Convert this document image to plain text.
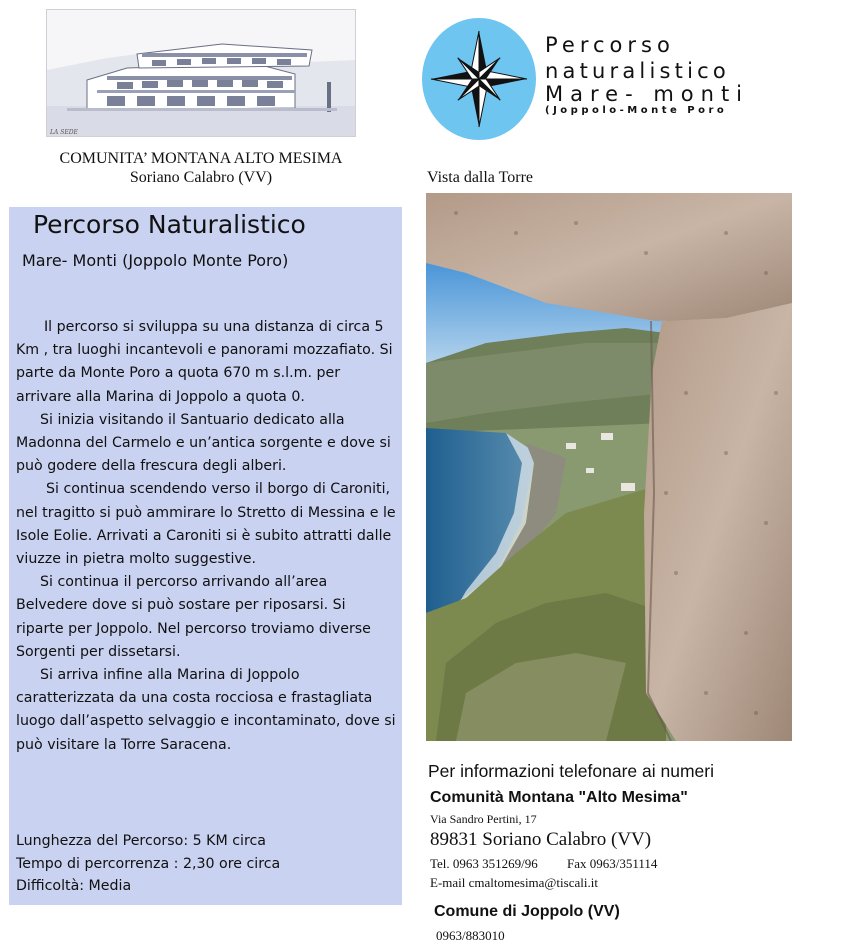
LA SEDE
COMUNITA’ MONTANA ALTO MESIMA
Soriano Calabro (VV)
Percorso
naturalistico
Mare- monti
(Joppolo-Monte Poro
Percorso Naturalistico
Mare- Monti (Joppolo Monte Poro)

Il percorso si sviluppa su una distanza di circa 5 Km , tra luoghi incantevoli e panorami mozzafiato. Si parte da Monte Poro a quota 670 m s.l.m. per arrivare alla Marina di Joppolo a quota 0.

Si inizia visitando il Santuario dedicato alla Madonna del Carmelo e un’antica sorgente e dove si può godere della frescura degli alberi.

Si continua scendendo verso il borgo di Caroniti, nel tragitto si può ammirare lo Stretto di Messina e le Isole Eolie. Arrivati a Caroniti si è subito attratti dalle viuzze in pietra molto suggestive.

Si continua il percorso arrivando all’area Belvedere dove si può sostare per riposarsi. Si riparte per Joppolo. Nel percorso troviamo diverse Sorgenti per dissetarsi.

Si arriva infine alla Marina di Joppolo caratterizzata da una costa rocciosa e frastagliata luogo dall’aspetto selvaggio e incontaminato, dove si può visitare la Torre Saracena.

Lunghezza del Percorso: 5 KM circa
Tempo di percorrenza : 2,30 ore circa
Difficoltà: Media
Vista dalla Torre
Per informazioni telefonare ai numeri
Comunità Montana "Alto Mesima"
Via Sandro Pertini, 17
89831 Soriano Calabro (VV)
Tel. 0963 351269/96 Fax 0963/351114
E-mail cmaltomesima@tiscali.it
Comune di Joppolo (VV)
0963/883010
